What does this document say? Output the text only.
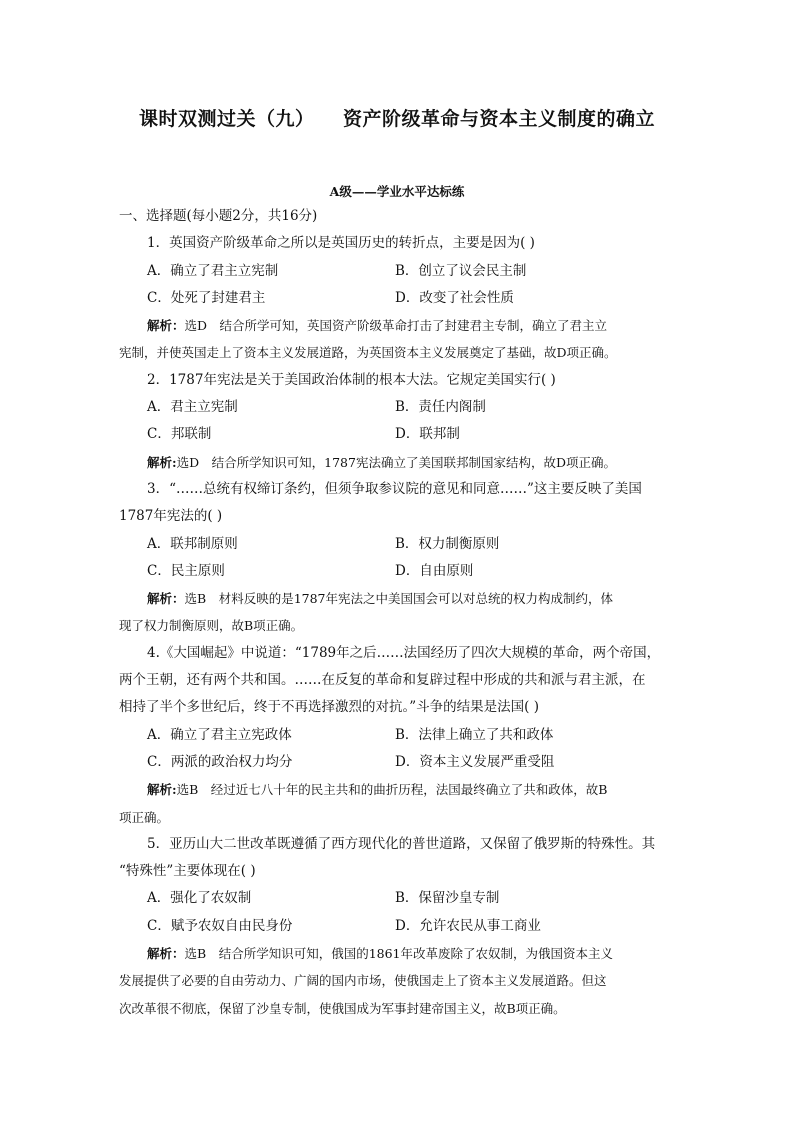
课时双测过关（九）    资产阶级革命与资本主义制度的确立
A级——学业水平达标练
一、选择题(每小题2分，共16分)
1．英国资产阶级革命之所以是英国历史的转折点，主要是因为( )
A．确立了君主立宪制	B．创立了议会民主制
C．处死了封建君主	D．改变了社会性质
解析：选D　结合所学可知，英国资产阶级革命打击了封建君主专制，确立了君主立
宪制，并使英国走上了资本主义发展道路，为英国资本主义发展奠定了基础，故D项正确。
2．1787年宪法是关于美国政治体制的根本大法。它规定美国实行( )
A．君主立宪制	B．责任内阁制
C．邦联制	D．联邦制
解析:选D　结合所学知识可知，1787宪法确立了美国联邦制国家结构，故D项正确。
3．“……总统有权缔订条约，但须争取参议院的意见和同意……”这主要反映了美国
1787年宪法的( )
A．联邦制原则	B．权力制衡原则
C．民主原则	D．自由原则
解析：选B　材料反映的是1787年宪法之中美国国会可以对总统的权力构成制约，体
现了权力制衡原则，故B项正确。
4.《大国崛起》中说道：“1789年之后……法国经历了四次大规模的革命，两个帝国，
两个王朝，还有两个共和国。……在反复的革命和复辟过程中形成的共和派与君主派，在
相持了半个多世纪后，终于不再选择激烈的对抗。”斗争的结果是法国( )
A．确立了君主立宪政体	B．法律上确立了共和政体
C．两派的政治权力均分	D．资本主义发展严重受阻
解析:选B　经过近七八十年的民主共和的曲折历程，法国最终确立了共和政体，故B
项正确。
5．亚历山大二世改革既遵循了西方现代化的普世道路，又保留了俄罗斯的特殊性。其
“特殊性”主要体现在( )
A．强化了农奴制	B．保留沙皇专制
C．赋予农奴自由民身份	D．允许农民从事工商业
解析：选B　结合所学知识可知，俄国的1861年改革废除了农奴制，为俄国资本主义
发展提供了必要的自由劳动力、广阔的国内市场，使俄国走上了资本主义发展道路。但这
次改革很不彻底，保留了沙皇专制，使俄国成为军事封建帝国主义，故B项正确。
